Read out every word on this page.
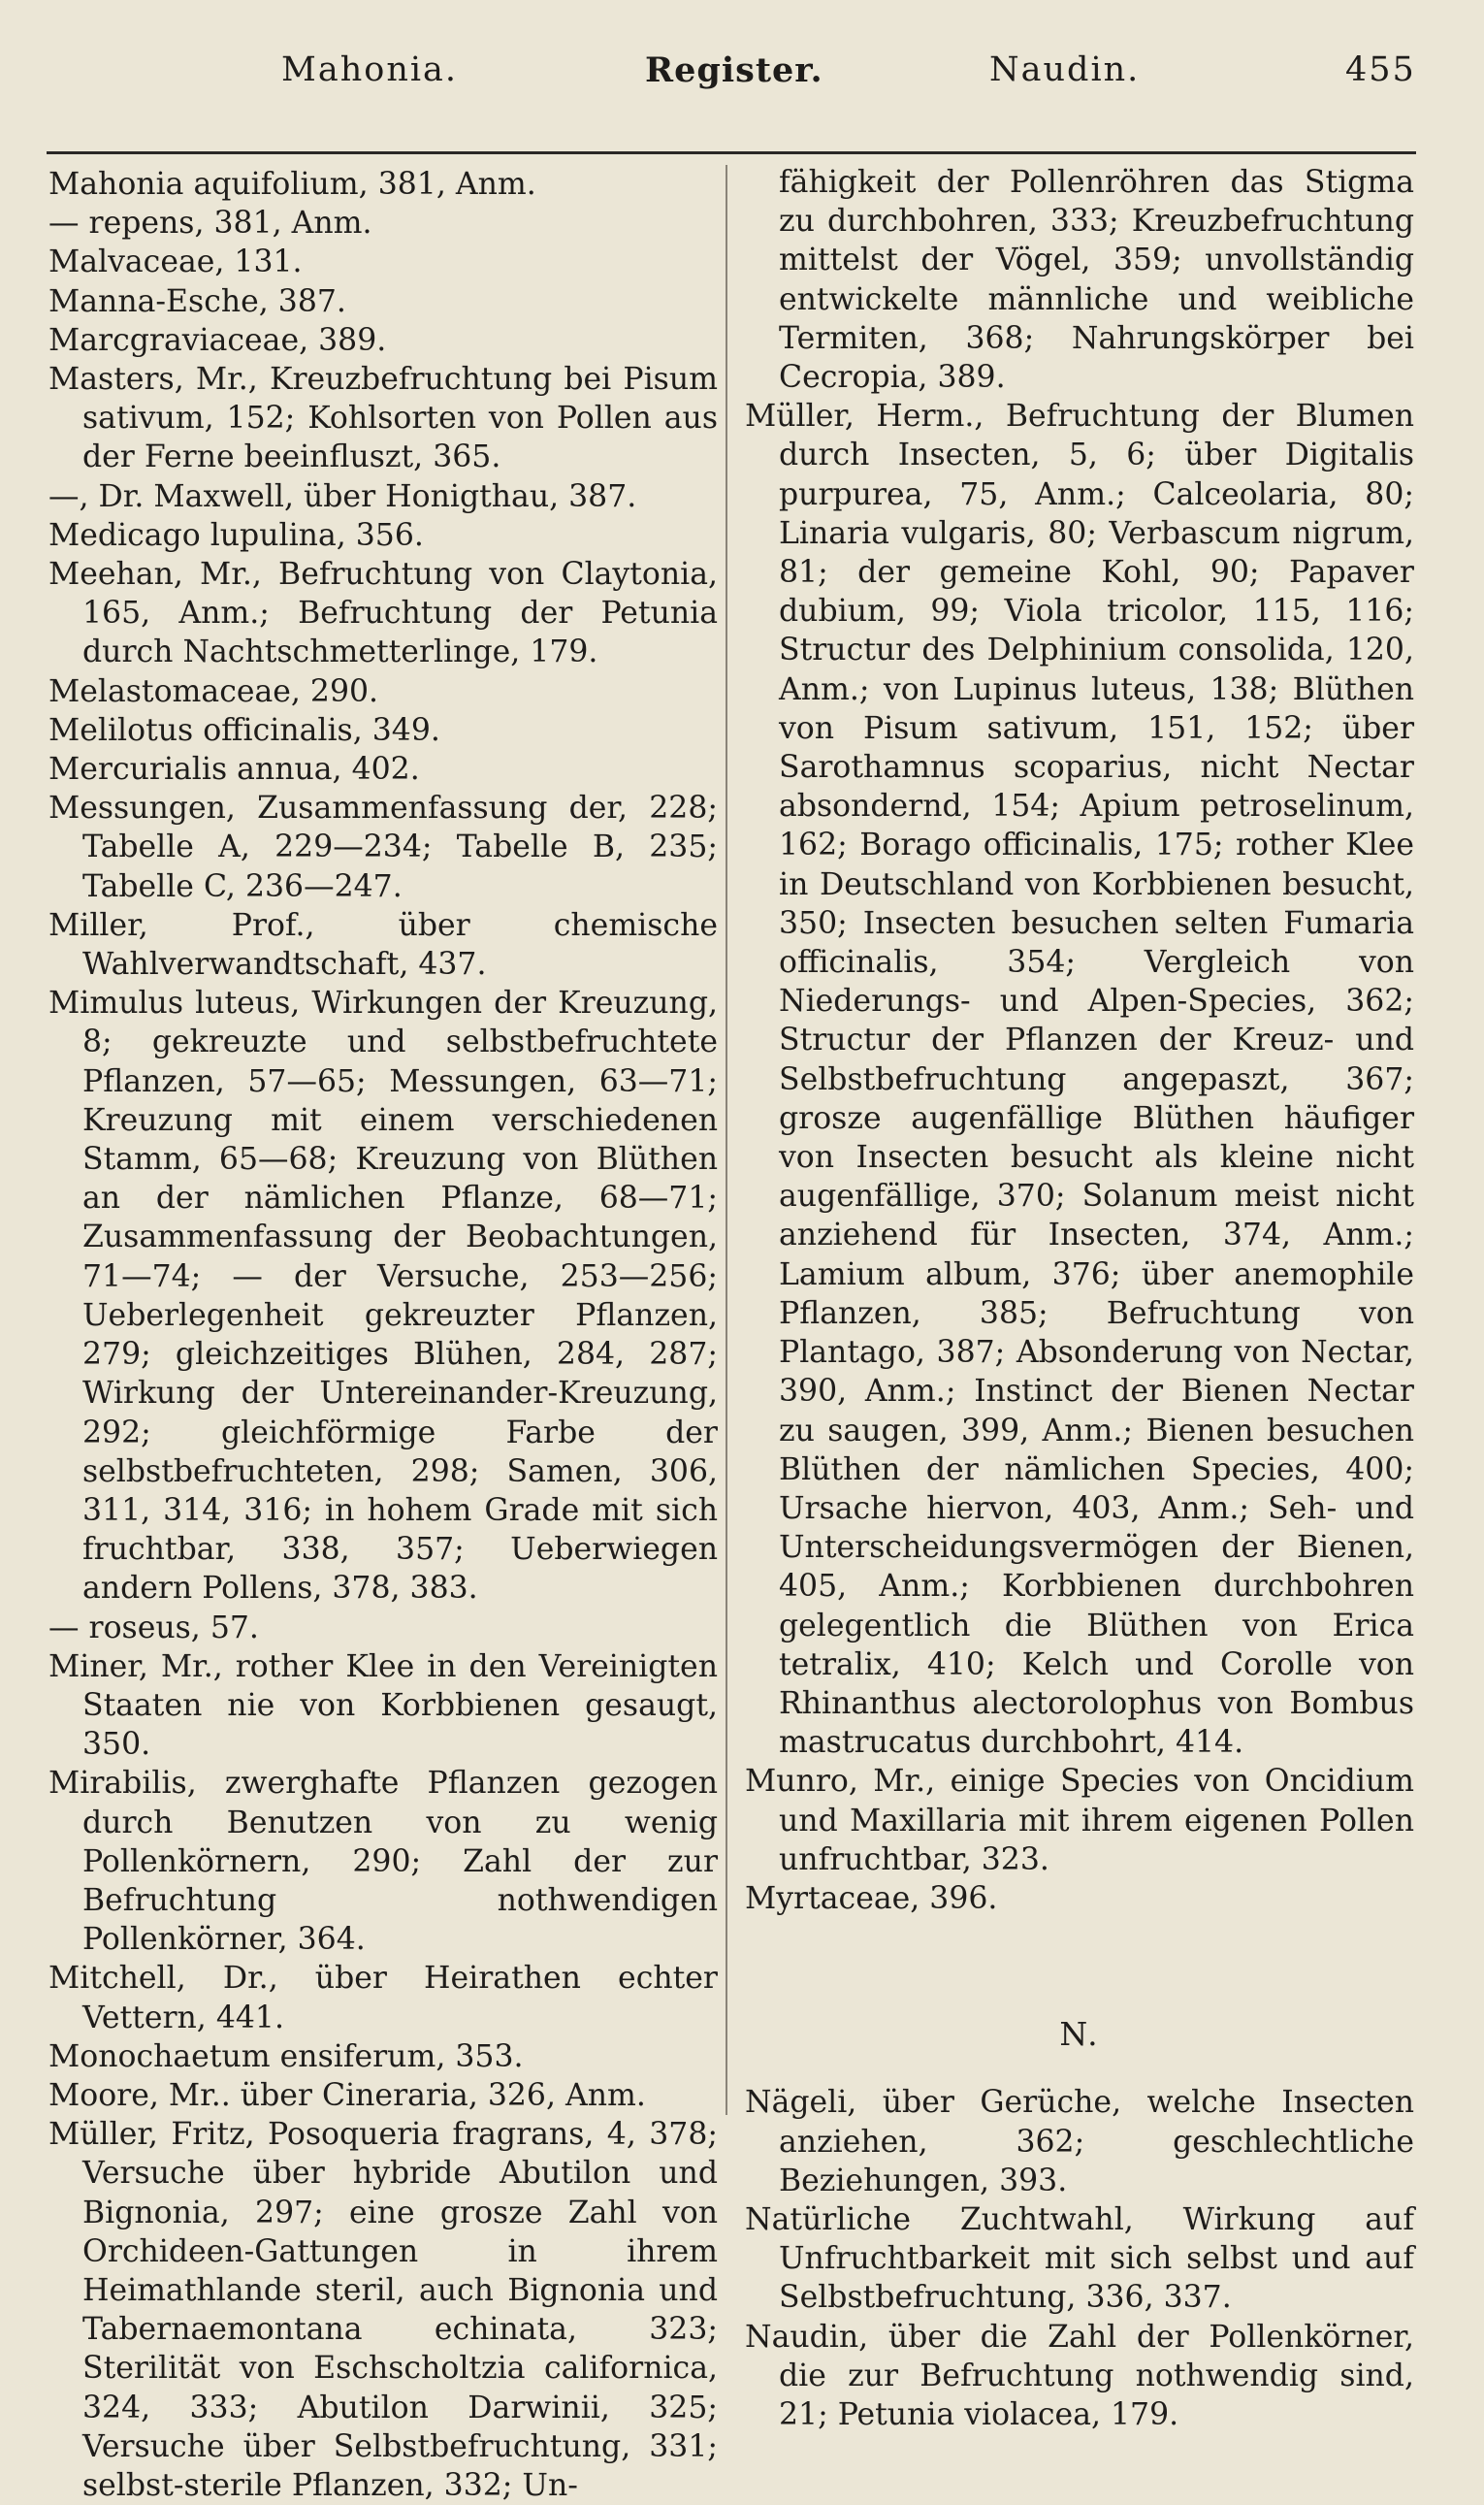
Mahonia.	Register.	Naudin.	455
Mahonia aquifolium, 381, Anm.
— repens, 381, Anm.
Malvaceae, 131.
Manna-Esche, 387.
Marcgraviaceae, 389.
Masters, Mr., Kreuzbefruchtung bei Pisum sativum, 152; Kohlsorten von Pollen aus der Ferne beeinfluszt, 365.
—, Dr. Maxwell, über Honigthau, 387.
Medicago lupulina, 356.
Meehan, Mr., Befruchtung von Claytonia, 165, Anm.; Befruchtung der Petunia durch Nachtschmetterlinge, 179.
Melastomaceae, 290.
Melilotus officinalis, 349.
Mercurialis annua, 402.
Messungen, Zusammenfassung der, 228; Tabelle A, 229—234; Tabelle B, 235; Tabelle C, 236—247.
Miller, Prof., über chemische Wahlverwandtschaft, 437.
Mimulus luteus, Wirkungen der Kreuzung, 8; gekreuzte und selbstbefruchtete Pflanzen, 57—65; Messungen, 63—71; Kreuzung mit einem verschiedenen Stamm, 65—68; Kreuzung von Blüthen an der nämlichen Pflanze, 68—71; Zusammenfassung der Beobachtungen, 71—74; — der Versuche, 253—256; Ueberlegenheit gekreuzter Pflanzen, 279; gleichzeitiges Blühen, 284, 287; Wirkung der Untereinander-Kreuzung, 292; gleichförmige Farbe der selbstbefruchteten, 298; Samen, 306, 311, 314, 316; in hohem Grade mit sich fruchtbar, 338, 357; Ueberwiegen andern Pollens, 378, 383.
— roseus, 57.
Miner, Mr., rother Klee in den Vereinigten Staaten nie von Korbbienen gesaugt, 350.
Mirabilis, zwerghafte Pflanzen gezogen durch Benutzen von zu wenig Pollenkörnern, 290; Zahl der zur Befruchtung nothwendigen Pollenkörner, 364.
Mitchell, Dr., über Heirathen echter Vettern, 441.
Monochaetum ensiferum, 353.
Moore, Mr.. über Cineraria, 326, Anm.
Müller, Fritz, Posoqueria fragrans, 4, 378; Versuche über hybride Abutilon und Bignonia, 297; eine grosze Zahl von Orchideen-Gattungen in ihrem Heimathlande steril, auch Bignonia und Tabernaemontana echinata, 323; Sterilität von Eschscholtzia californica, 324, 333; Abutilon Darwinii, 325; Versuche über Selbstbefruchtung, 331; selbst-sterile Pflanzen, 332; Un-
fähigkeit der Pollenröhren das Stigma zu durchbohren, 333; Kreuzbefruchtung mittelst der Vögel, 359; unvollständig entwickelte männliche und weibliche Termiten, 368; Nahrungskörper bei Cecropia, 389.
Müller, Herm., Befruchtung der Blumen durch Insecten, 5, 6; über Digitalis purpurea, 75, Anm.; Calceolaria, 80; Linaria vulgaris, 80; Verbascum nigrum, 81; der gemeine Kohl, 90; Papaver dubium, 99; Viola tricolor, 115, 116; Structur des Delphinium consolida, 120, Anm.; von Lupinus luteus, 138; Blüthen von Pisum sativum, 151, 152; über Sarothamnus scoparius, nicht Nectar absondernd, 154; Apium petroselinum, 162; Borago officinalis, 175; rother Klee in Deutschland von Korbbienen besucht, 350; Insecten besuchen selten Fumaria officinalis, 354; Vergleich von Niederungs- und Alpen-Species, 362; Structur der Pflanzen der Kreuz- und Selbstbefruchtung angepaszt, 367; grosze augenfällige Blüthen häufiger von Insecten besucht als kleine nicht augenfällige, 370; Solanum meist nicht anziehend für Insecten, 374, Anm.; Lamium album, 376; über anemophile Pflanzen, 385; Befruchtung von Plantago, 387; Absonderung von Nectar, 390, Anm.; Instinct der Bienen Nectar zu saugen, 399, Anm.; Bienen besuchen Blüthen der nämlichen Species, 400; Ursache hiervon, 403, Anm.; Seh- und Unterscheidungsvermögen der Bienen, 405, Anm.; Korbbienen durchbohren gelegentlich die Blüthen von Erica tetralix, 410; Kelch und Corolle von Rhinanthus alectorolophus von Bombus mastrucatus durchbohrt, 414.
Munro, Mr., einige Species von Oncidium und Maxillaria mit ihrem eigenen Pollen unfruchtbar, 323.
Myrtaceae, 396.
N.
Nägeli, über Gerüche, welche Insecten anziehen, 362; geschlechtliche Beziehungen, 393.
Natürliche Zuchtwahl, Wirkung auf Unfruchtbarkeit mit sich selbst und auf Selbstbefruchtung, 336, 337.
Naudin, über die Zahl der Pollenkörner, die zur Befruchtung nothwendig sind, 21; Petunia violacea, 179.
